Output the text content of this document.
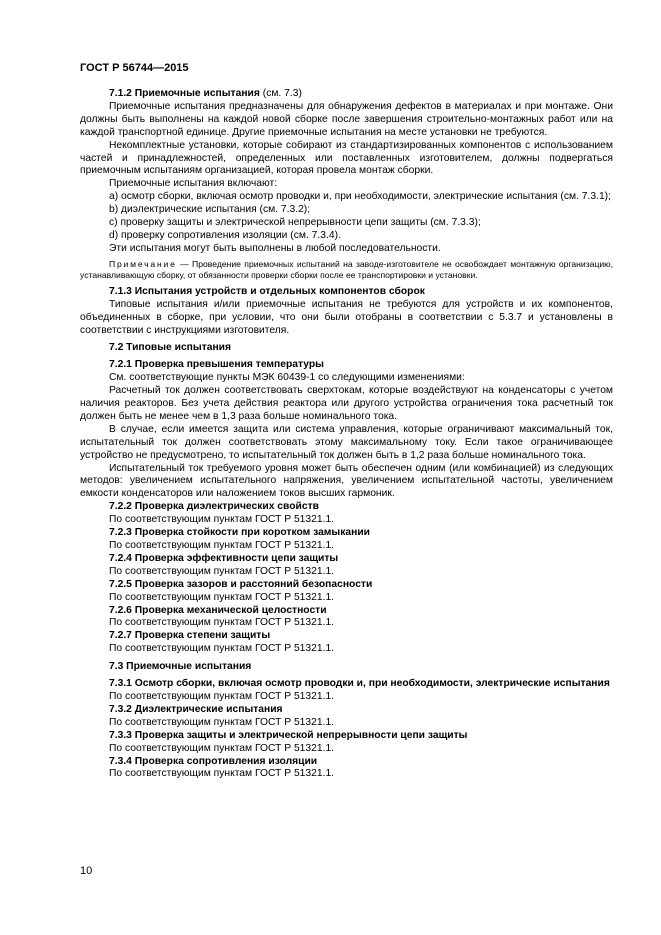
ГОСТ Р 56744—2015

7.1.2 Приемочные испытания (см. 7.3)

Приемочные испытания предназначены для обнаружения дефектов в материалах и при монтаже. Они должны быть выполнены на каждой новой сборке после завершения строительно-монтажных работ или на каждой транспортной единице. Другие приемочные испытания на месте установки не требуются.

Некомплектные установки, которые собирают из стандартизированных компонентов с использованием частей и принадлежностей, определенных или поставленных изготовителем, должны подвергаться приемочным испытаниям организацией, которая провела монтаж сборки.

Приемочные испытания включают:

а) осмотр сборки, включая осмотр проводки и, при необходимости, электрические испытания (см. 7.3.1);

b) диэлектрические испытания (см. 7.3.2);

с) проверку защиты и электрической непрерывности цепи защиты (см. 7.3.3);

d) проверку сопротивления изоляции (см. 7.3.4).

Эти испытания могут быть выполнены в любой последовательности.

Примечание — Проведение приемочных испытаний на заводе-изготовителе не освобождает монтажную организацию, устанавливающую сборку, от обязанности проверки сборки после ее транспортировки и установки.

7.1.3 Испытания устройств и отдельных компонентов сборок

Типовые испытания и/или приемочные испытания не требуются для устройств и их компонентов, объединенных в сборке, при условии, что они были отобраны в соответствии с 5.3.7 и установлены в соответствии с инструкциями изготовителя.

7.2 Типовые испытания

7.2.1 Проверка превышения температуры

См. соответствующие пункты МЭК 60439-1 со следующими изменениями:

Расчетный ток должен соответствовать сверхтокам, которые воздействуют на конденсаторы с учетом наличия реакторов. Без учета действия реактора или другого устройства ограничения тока расчетный ток должен быть не менее чем в 1,3 раза больше номинального тока.

В случае, если имеется защита или система управления, которые ограничивают максимальный ток, испытательный ток должен соответствовать этому максимальному току. Если такое ограничивающее устройство не предусмотрено, то испытательный ток должен быть в 1,2 раза больше номинального тока.

Испытательный ток требуемого уровня может быть обеспечен одним (или комбинацией) из следующих методов: увеличением испытательного напряжения, увеличением испытательной частоты, увеличением емкости конденсаторов или наложением токов высших гармоник.

7.2.2 Проверка диэлектрических свойств

По соответствующим пунктам ГОСТ Р 51321.1.

7.2.3 Проверка стойкости при коротком замыкании

По соответствующим пунктам ГОСТ Р 51321.1.

7.2.4 Проверка эффективности цепи защиты

По соответствующим пунктам ГОСТ Р 51321.1.

7.2.5 Проверка зазоров и расстояний безопасности

По соответствующим пунктам ГОСТ Р 51321.1.

7.2.6 Проверка механической целостности

По соответствующим пунктам ГОСТ Р 51321.1.

7.2.7 Проверка степени защиты

По соответствующим пунктам ГОСТ Р 51321.1.

7.3 Приемочные испытания

7.3.1 Осмотр сборки, включая осмотр проводки и, при необходимости, электрические испытания

По соответствующим пунктам ГОСТ Р 51321.1.

7.3.2 Диэлектрические испытания

По соответствующим пунктам ГОСТ Р 51321.1.

7.3.3 Проверка защиты и электрической непрерывности цепи защиты

По соответствующим пунктам ГОСТ Р 51321.1.

7.3.4 Проверка сопротивления изоляции

По соответствующим пунктам ГОСТ Р 51321.1.

10
